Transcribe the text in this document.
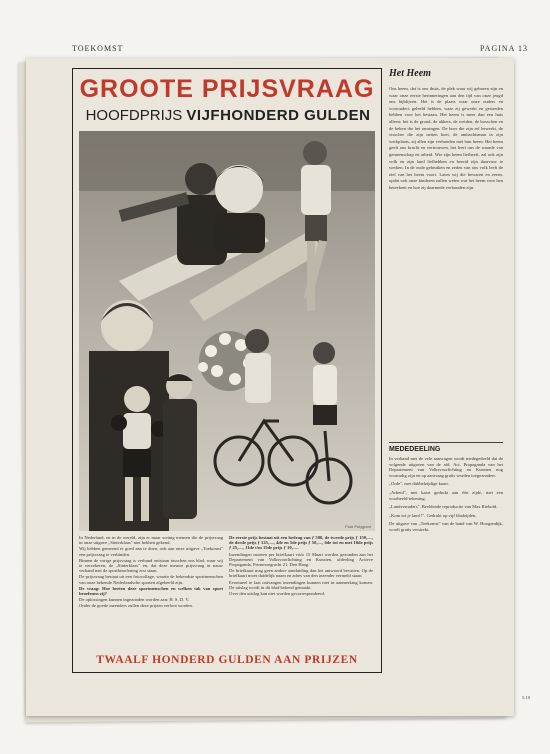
TOEKOMST	PAGINA 13
GROOTE PRIJSVRAAG
HOOFDPRIJS VIJFHONDERD GULDEN
Foto Polygoon

In Nederland, en in de wereld, zijn er maar weinig mensen die de prijsvraag in onze uitgave „Sinterklaas" niet hebben gekend.

Wij hebben gemeend er goed aan te doen, ook aan onze uitgave „Toekomst" een prijsvraag te verbinden.

Binnen de vorige prijsvraag is verband ontstaan tusschen ons blad, waar wij te verzekeren, de „Sinterklaas" en, dat deze nieuwe prijsvraag in nauw verband met de sportbeoefening zou staan.

De prijsvraag bestaat uit een fotocollage, waarin de bekendste sportmenschen van onze bekende Nederlandsche sporten afgebeeld zijn.

De vraag: Hoe heeten deze sportmenschen en welken tak van sport beoefenen zij?

De oplossingen kunnen ingezonden worden aan: H. S. D. V.

Onder de goede inzenders zullen deze prijzen verloot worden.

De eerste prijs bestaat uit een bedrag van ƒ 500, de tweede prijs ƒ 150,—, de derde prijs ƒ 125,—, 4de en 5de prijs ƒ 50,—, 6de tot en met 10de prijs ƒ 25,—, 11de t/m 15de prijs ƒ 10,—.

Inzendingen moeten per briefkaart vóór 15 Maart worden gezonden aan het Departement van Volksvoorlichting en Kunsten, afdeeling Actieve Propaganda, Prinsessegracht 21, Den Haag.

De briefkaart mag geen andere aanduiding dan het antwoord bevatten. Op de briefkaart moet duidelijk naam en adres van den inzender vermeld staan.

Eventueel te laat ontvangen inzendingen kunnen niet in aanmerking komen. De uitslag wordt in dit blad bekend gemaakt.

Over den uitslag kan niet worden gecorrespondeerd.

TWAALF HONDERD GULDEN AAN PRIJZEN
Het Heem
Ons heem, dat is ons thuis, de plek waar wij geboren zijn en waar onze eerste herinneringen aan den tijd van onze jeugd ons bijblijven. Het is de plaats waar onze ouders en voorouders geleefd hebben, waar zij gewerkt en gestreden hebben voor het bestaan. Het heem is meer dan een huis alleen; het is de grond, de akkers, de weiden, de bosschen en de beken die het omringen. De boer die zijn erf bewerkt, de visscher die zijn netten boet, de ambachtsman in zijn werkplaats, zij allen zijn verbonden met hun heem. Het heem geeft ons kracht en vertrouwen, het leert ons de waarde van gemeenschap en arbeid. Wie zijn heem liefheeft, zal ook zijn volk en zijn land liefhebben en bereid zijn daarvoor te werken. In de oude gebruiken en zeden van ons volk leeft de ziel van het heem voort. Laten wij die bewaren en eeren, opdat ook onze kinderen zullen weten wat het heem voor hen beteekent en hoe zij daarmede verbonden zijn.
MEDEDEELING

In verband met de vele aanvragen wordt medegedeeld dat de volgende uitgaven van de afd. Act. Propaganda van het Departement van Volksvoorlichting en Kunsten nog voorradig zijn en op aanvraag gratis worden toegezonden:

„Orde", met dubbelzijdige kaart.

„Arbeid", met kaart gedrukt aan één zijde, met een voorbeeld-tekening.

„Landverraders". Beeldende reproductie van Max Riebold.

„Kom tot je land !". Gedrukt op vijf bladzijden.

De uitgave van „Toekomst" van de hand van W. Hoogendijk, wordt gratis verstrekt.

5.10
